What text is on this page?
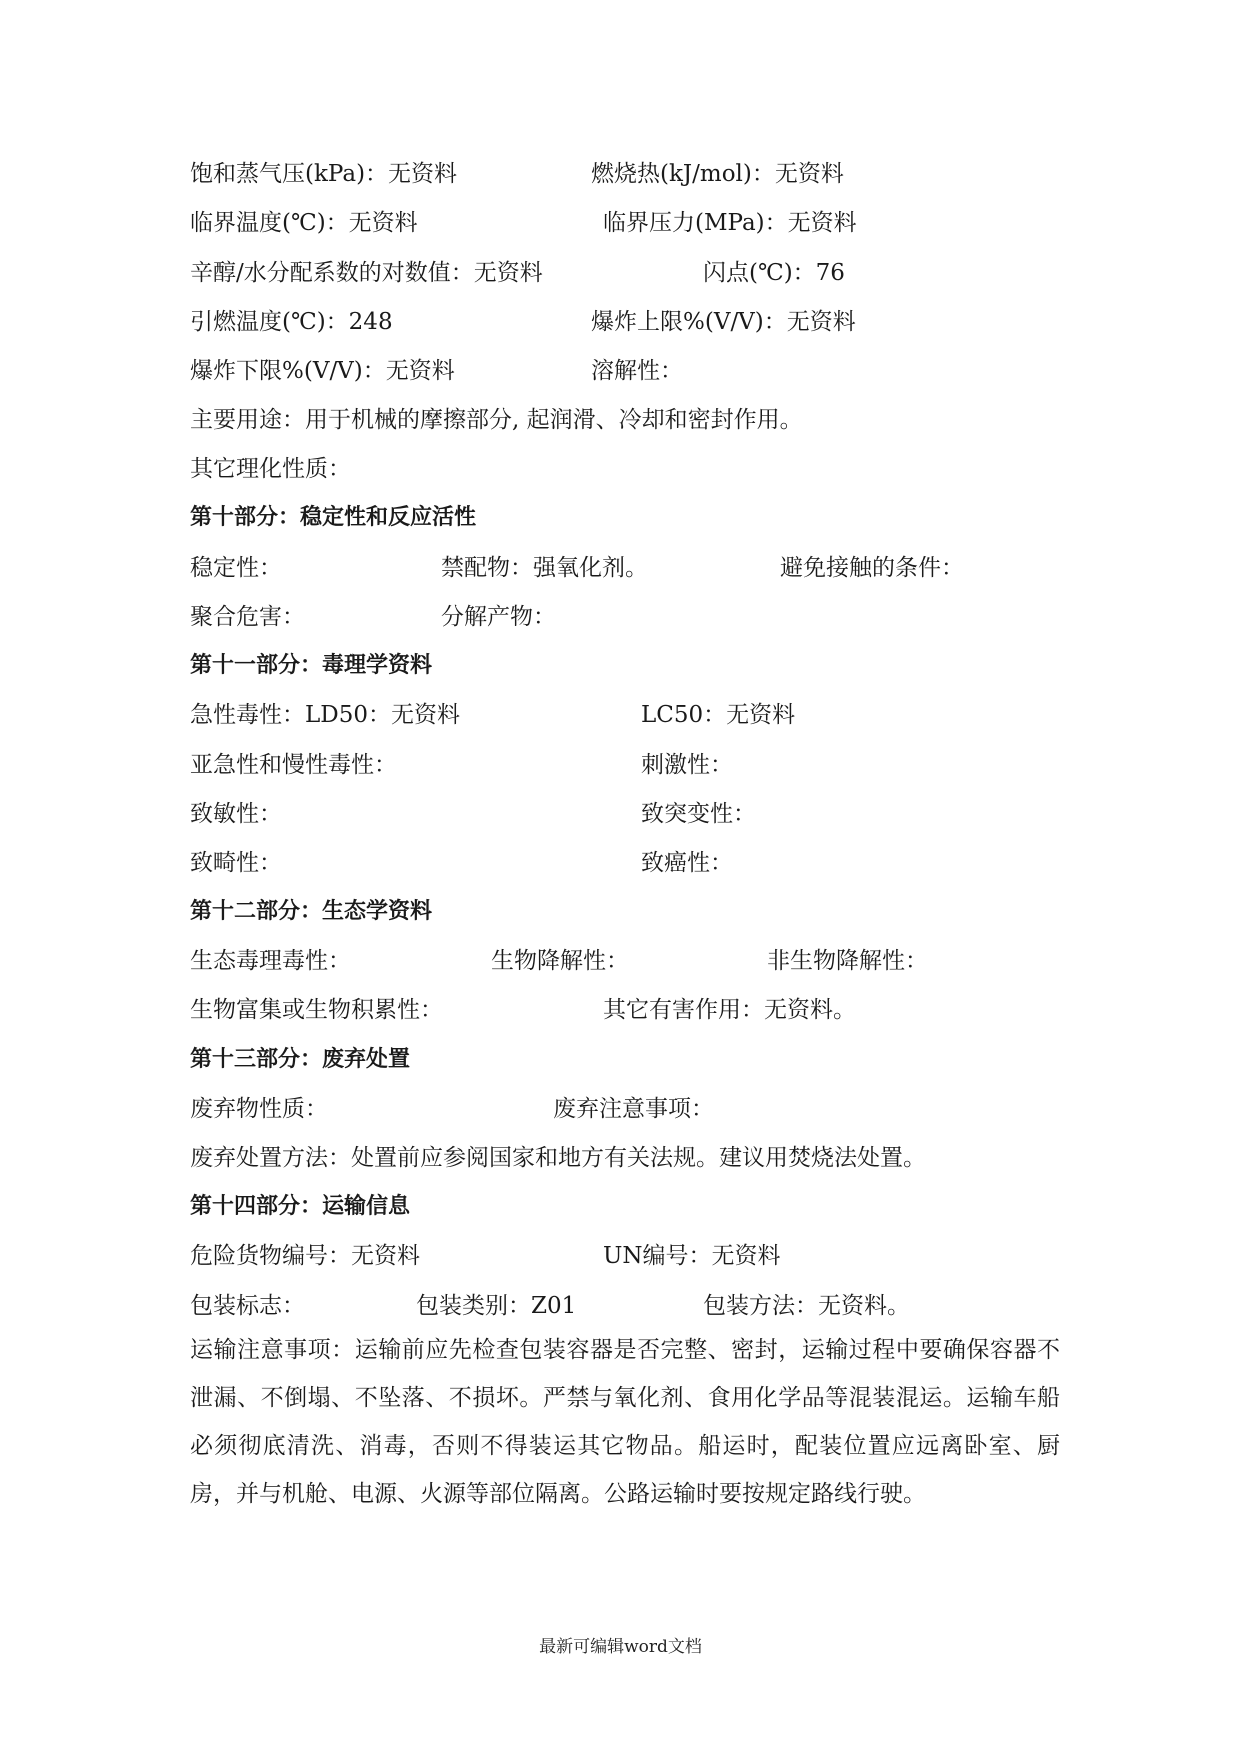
饱和蒸气压(kPa)：无资料	燃烧热(kJ/mol)：无资料
临界温度(℃)：无资料	临界压力(MPa)：无资料
辛醇/水分配系数的对数值：无资料	闪点(℃)：76
引燃温度(℃)：248	爆炸上限%(V/V)：无资料
爆炸下限%(V/V)：无资料	溶解性：
主要用途：用于机械的摩擦部分, 起润滑、冷却和密封作用。
其它理化性质：
第十部分：稳定性和反应活性
稳定性：	禁配物：强氧化剂。	避免接触的条件：
聚合危害：	分解产物：
第十一部分：毒理学资料
急性毒性：LD50：无资料	LC50：无资料
亚急性和慢性毒性：	刺激性：
致敏性：	致突变性：
致畸性：	致癌性：
第十二部分：生态学资料
生态毒理毒性：	生物降解性：	非生物降解性：
生物富集或生物积累性：	其它有害作用：无资料。
第十三部分：废弃处置
废弃物性质：	废弃注意事项：
废弃处置方法：处置前应参阅国家和地方有关法规。建议用焚烧法处置。
第十四部分：运输信息
危险货物编号：无资料	UN编号：无资料
包装标志：	包装类别：Z01	包装方法：无资料。
运输注意事项：运输前应先检查包装容器是否完整、密封，运输过程中要确保容器不泄漏、不倒塌、不坠落、不损坏。严禁与氧化剂、食用化学品等混装混运。运输车船必须彻底清洗、消毒，否则不得装运其它物品。船运时，配装位置应远离卧室、厨房，并与机舱、电源、火源等部位隔离。公路运输时要按规定路线行驶。
最新可编辑word文档
